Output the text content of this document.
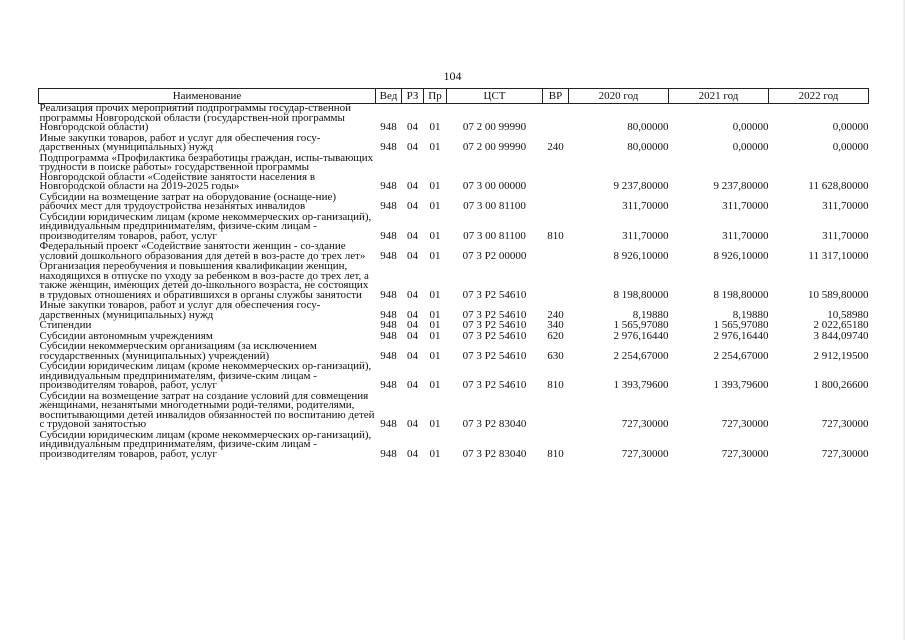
104
Наименование	Вед	РЗ	Пр	ЦСТ	ВР	2020 год	2021 год	2022 год
Реализация прочих мероприятий подпрограммы государ-ственной программы Новгородской области (государствен-ной программы Новгородской области)	948	04	01	07 2 00 99990		80,00000	0,00000	0,00000
Иные закупки товаров, работ и услуг для обеспечения госу-дарственных (муниципальных) нужд	948	04	01	07 2 00 99990	240	80,00000	0,00000	0,00000
Подпрограмма «Профилактика безработицы граждан, испы-тывающих трудности в поиске работы» государственной программы Новгородской области «Содействие занятости населения в Новгородской области на 2019-2025 годы»	948	04	01	07 3 00 00000		9 237,80000	9 237,80000	11 628,80000
Субсидии на возмещение затрат на оборудование (оснаще-ние) рабочих мест для трудоустройства незанятых инвалидов	948	04	01	07 3 00 81100		311,70000	311,70000	311,70000
Субсидии юридическим лицам (кроме некоммерческих ор-ганизаций), индивидуальным предпринимателям, физиче-ским лицам - производителям товаров, работ, услуг	948	04	01	07 3 00 81100	810	311,70000	311,70000	311,70000
Федеральный проект «Содействие занятости женщин - со-здание условий дошкольного образования для детей в воз-расте до трех лет»	948	04	01	07 3 P2 00000		8 926,10000	8 926,10000	11 317,10000
Организация переобучения и повышения квалификации женщин, находящихся в отпуске по уходу за ребенком в воз-расте до трех лет, а также женщин, имеющих детей до-школьного возраста, не состоящих в трудовых отношениях и обратившихся в органы службы занятости	948	04	01	07 3 P2 54610		8 198,80000	8 198,80000	10 589,80000
Иные закупки товаров, работ и услуг для обеспечения госу-дарственных (муниципальных) нужд	948	04	01	07 3 P2 54610	240	8,19880	8,19880	10,58980
Стипендии	948	04	01	07 3 P2 54610	340	1 565,97080	1 565,97080	2 022,65180
Субсидии автономным учреждениям	948	04	01	07 3 P2 54610	620	2 976,16440	2 976,16440	3 844,09740
Субсидии некоммерческим организациям (за исключением государственных (муниципальных) учреждений)	948	04	01	07 3 P2 54610	630	2 254,67000	2 254,67000	2 912,19500
Субсидии юридическим лицам (кроме некоммерческих ор-ганизаций), индивидуальным предпринимателям, физиче-ским лицам - производителям товаров, работ, услуг	948	04	01	07 3 P2 54610	810	1 393,79600	1 393,79600	1 800,26600
Субсидии на возмещение затрат на создание условий для совмещения женщинами, незанятыми многодетными роди-телями, родителями, воспитывающими детей инвалидов обязанностей по воспитанию детей с трудовой занятостью	948	04	01	07 3 P2 83040		727,30000	727,30000	727,30000
Субсидии юридическим лицам (кроме некоммерческих ор-ганизаций), индивидуальным предпринимателям, физиче-ским лицам - производителям товаров, работ, услуг	948	04	01	07 3 P2 83040	810	727,30000	727,30000	727,30000
